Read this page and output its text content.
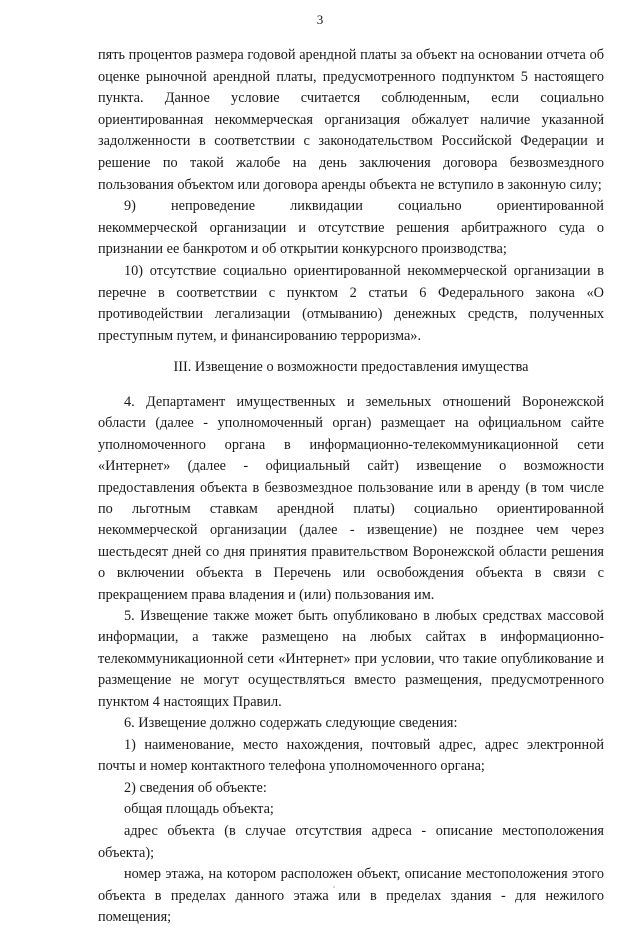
3

пять процентов размера годовой арендной платы за объект на основании отчета об оценке рыночной арендной платы, предусмотренного подпунктом 5 настоящего пункта. Данное условие считается соблюденным, если социально ориентированная некоммерческая организация обжалует наличие указанной задолженности в соответствии с законодательством Российской Федерации и решение по такой жалобе на день заключения договора безвозмездного пользования объектом или договора аренды объекта не вступило в законную силу;

9) непроведение ликвидации социально ориентированной

некоммерческой организации и отсутствие решения арбитражного суда о признании ее банкротом и об открытии конкурсного производства;

10) отсутствие социально ориентированной некоммерческой организации в перечне в соответствии с пунктом 2 статьи 6 Федерального закона «О противодействии легализации (отмыванию) денежных средств, полученных преступным путем, и финансированию терроризма».

III. Извещение о возможности предоставления имущества

4. Департамент имущественных и земельных отношений Воронежской области (далее - уполномоченный орган) размещает на официальном сайте уполномоченного органа в информационно-телекоммуникационной сети «Интернет» (далее - официальный сайт) извещение о возможности предоставления объекта в безвозмездное пользование или в аренду (в том числе по льготным ставкам арендной платы) социально ориентированной некоммерческой организации (далее - извещение) не позднее чем через шестьдесят дней со дня принятия правительством Воронежской области решения о включении объекта в Перечень или освобождения объекта в связи с прекращением права владения и (или) пользования им.

5. Извещение также может быть опубликовано в любых средствах массовой информации, а также размещено на любых сайтах в информационно-телекоммуникационной сети «Интернет» при условии, что такие опубликование и размещение не могут осуществляться вместо размещения, предусмотренного пунктом 4 настоящих Правил.

6. Извещение должно содержать следующие сведения:

1) наименование, место нахождения, почтовый адрес, адрес электронной почты и номер контактного телефона уполномоченного органа;

2) сведения об объекте:

общая площадь объекта;

адрес объекта (в случае отсутствия адреса - описание местоположения объекта);

номер этажа, на котором расположен объект, описание местоположения этого объекта в пределах данного этажа или в пределах здания - для нежилого помещения;
